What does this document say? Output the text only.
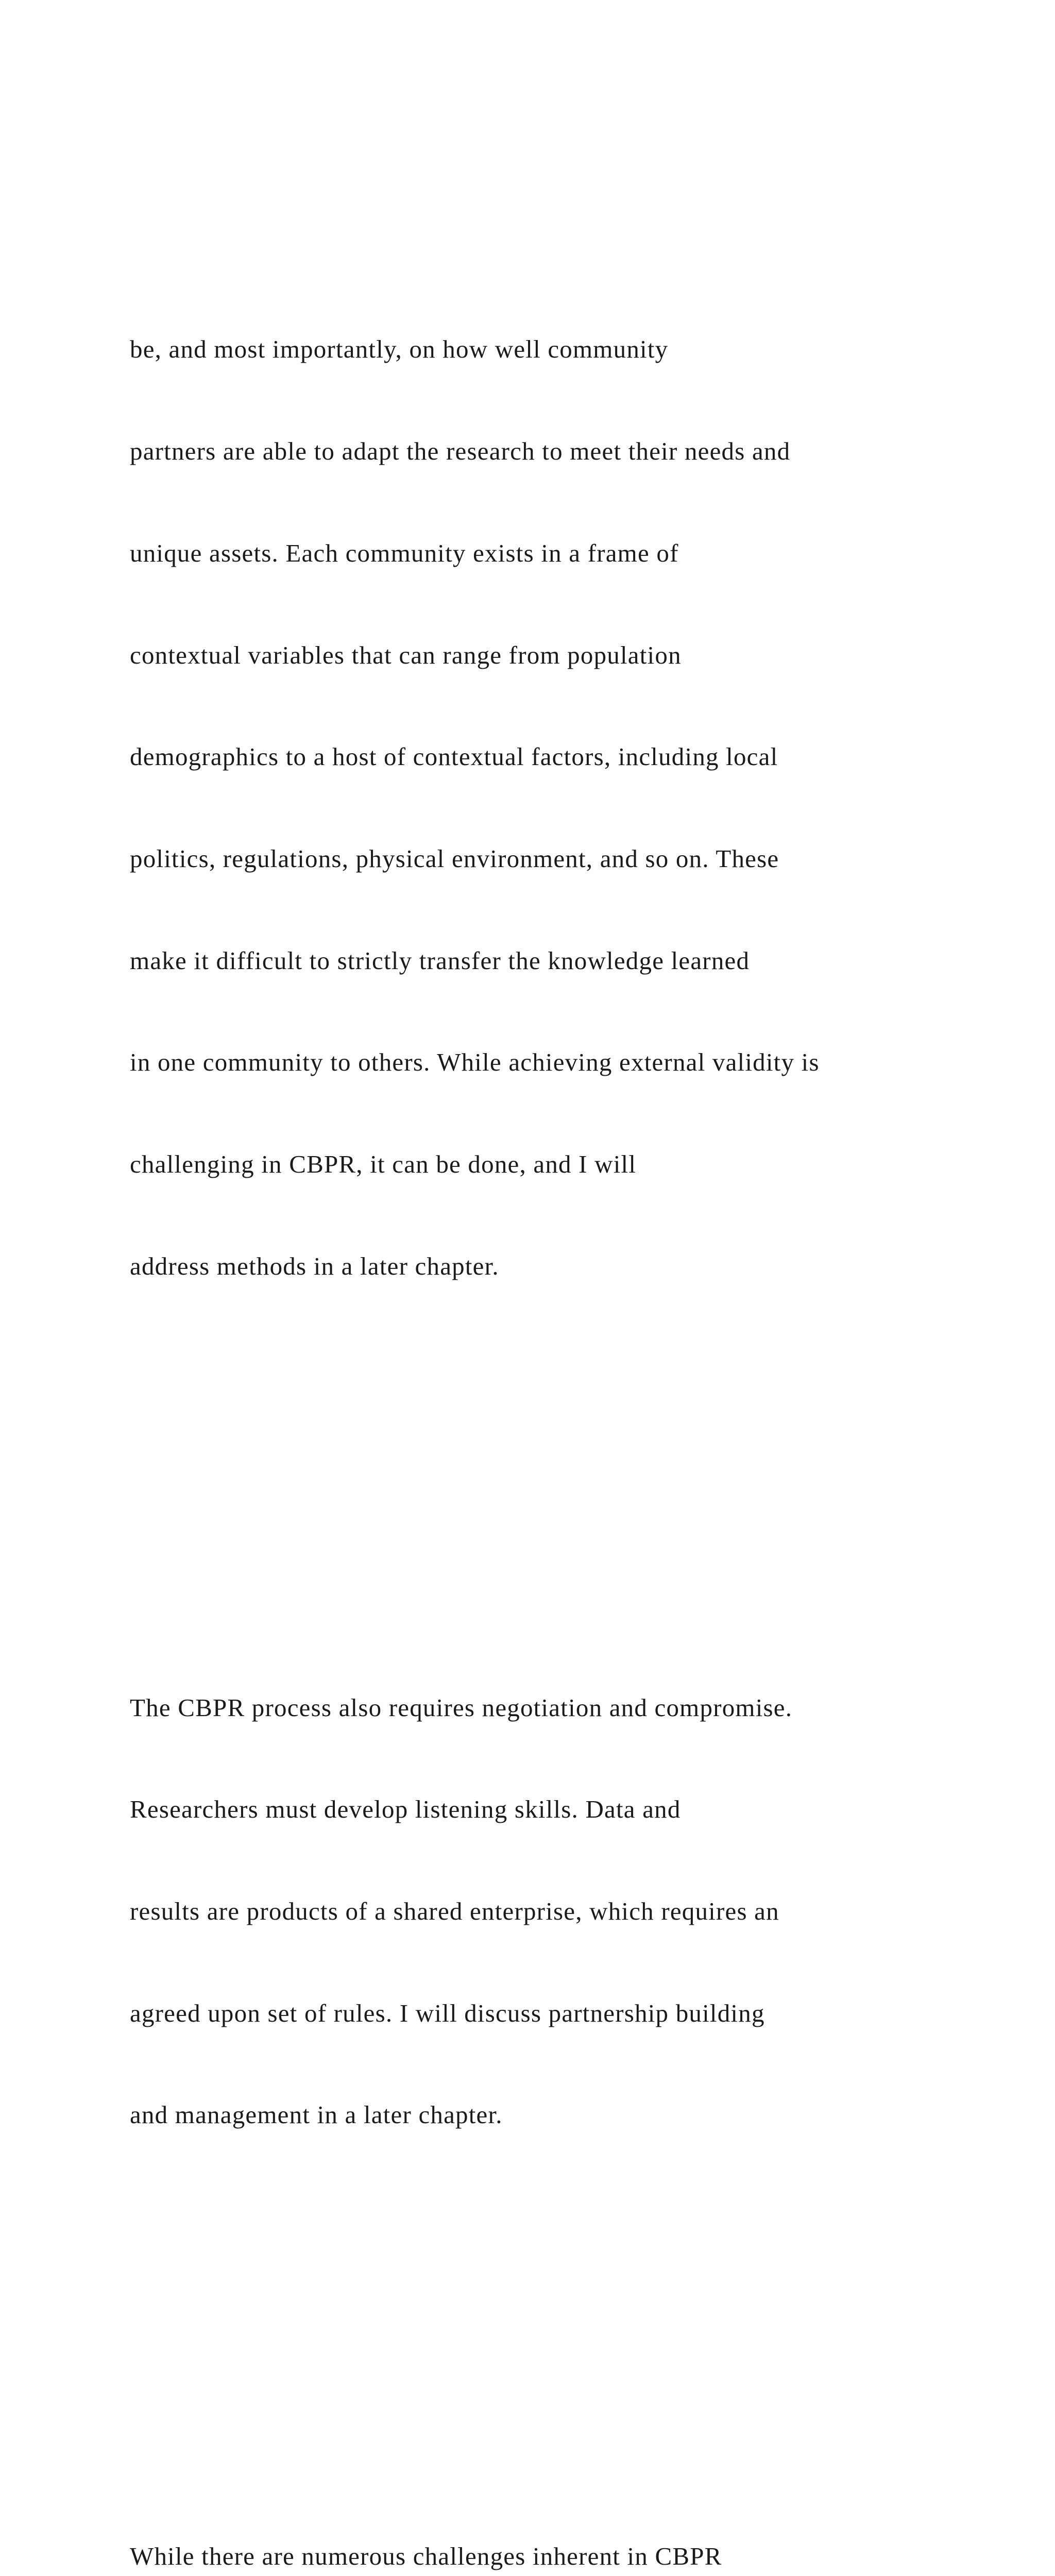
be, and most importantly, on how well community

partners are able to adapt the research to meet their needs and

unique assets. Each community exists in a frame of

contextual variables that can range from population

demographics to a host of contextual factors, including local

politics, regulations, physical environment, and so on. These

make it difficult to strictly transfer the knowledge learned

in one community to others. While achieving external validity is

challenging in CBPR, it can be done, and I will

address methods in a later chapter.

The CBPR process also requires negotiation and compromise.

Researchers must develop listening skills. Data and

results are products of a shared enterprise, which requires an

agreed upon set of rules. I will discuss partnership building

and management in a later chapter.

While there are numerous challenges inherent in CBPR
